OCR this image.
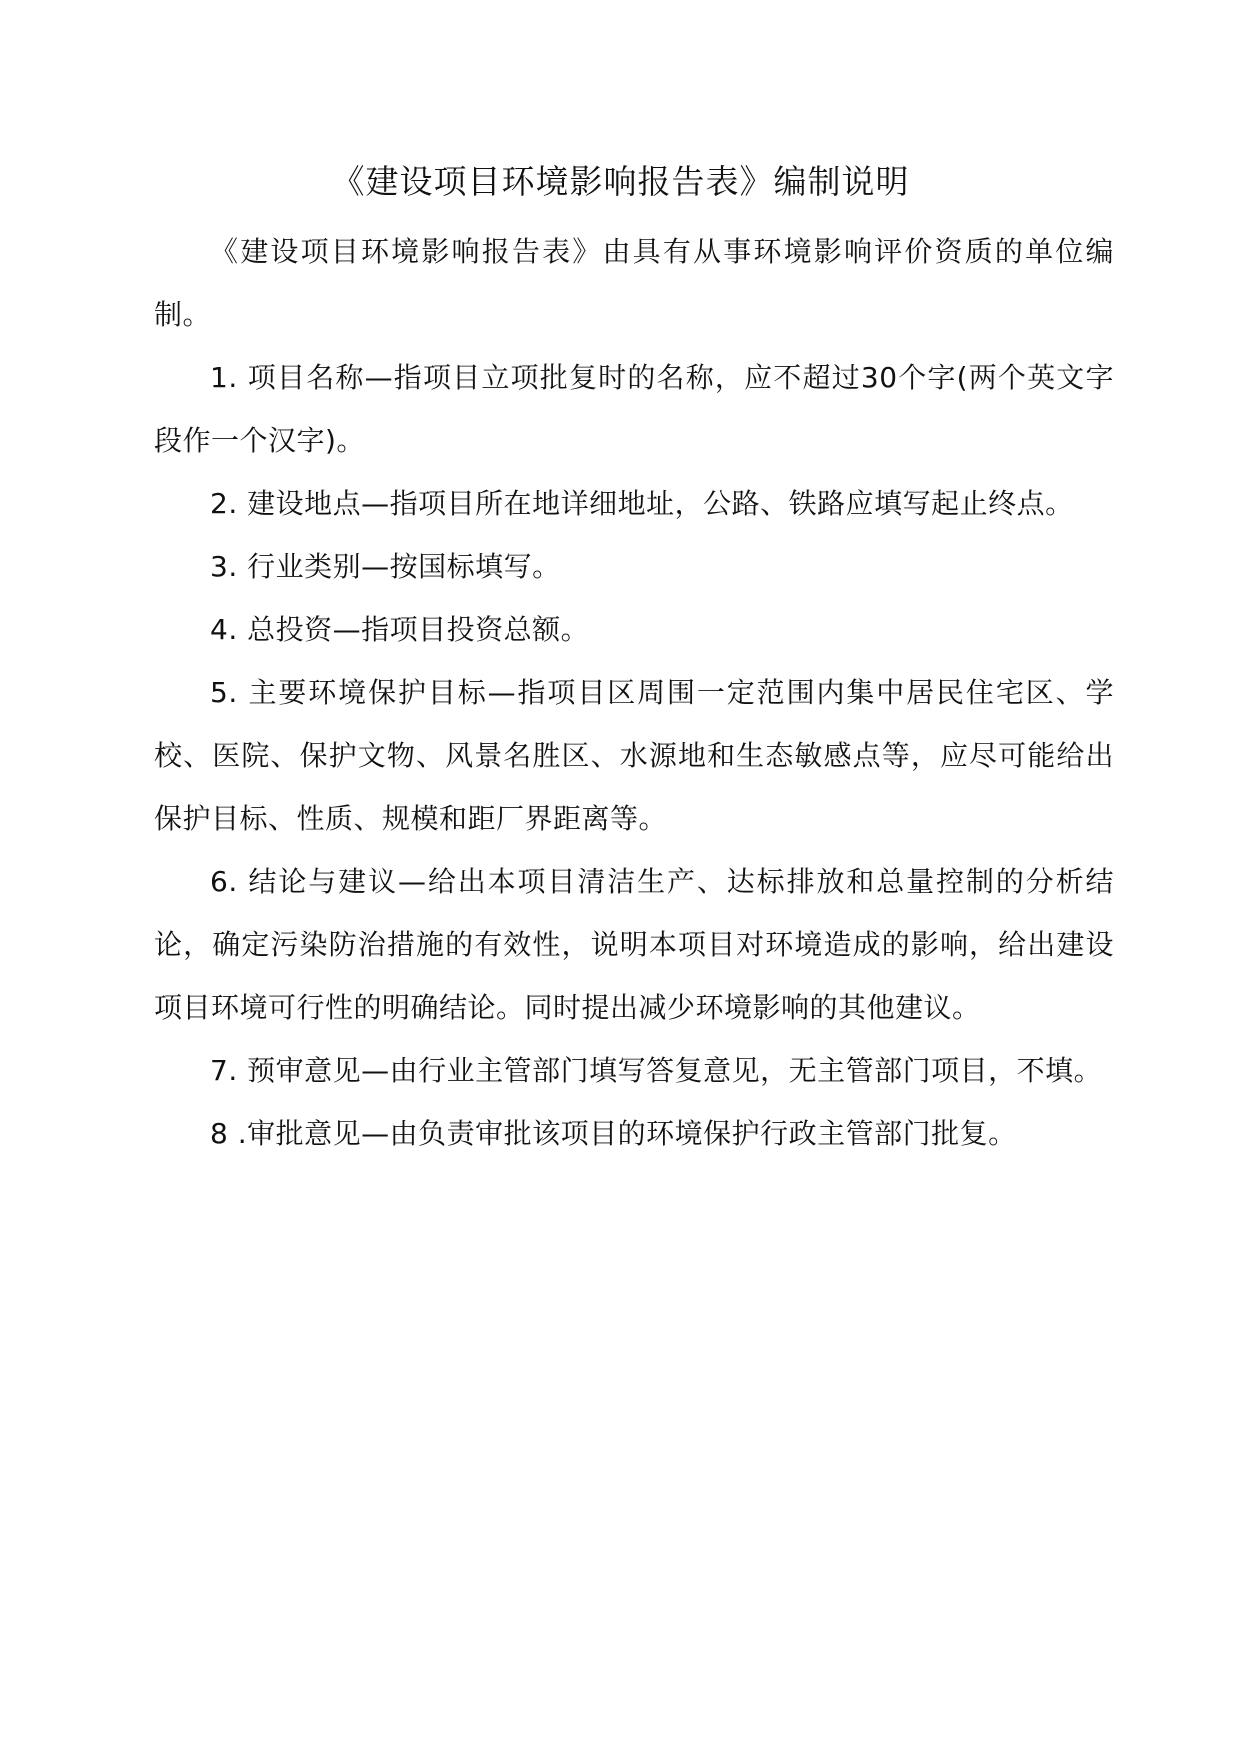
《建设项目环境影响报告表》编制说明

《建设项目环境影响报告表》由具有从事环境影响评价资质的单位编制。

1. 项目名称—指项目立项批复时的名称，应不超过30个字(两个英文字段作一个汉字)。

2. 建设地点—指项目所在地详细地址，公路、铁路应填写起止终点。

3. 行业类别—按国标填写。

4. 总投资—指项目投资总额。

5. 主要环境保护目标—指项目区周围一定范围内集中居民住宅区、学校、医院、保护文物、风景名胜区、水源地和生态敏感点等，应尽可能给出保护目标、性质、规模和距厂界距离等。

6. 结论与建议—给出本项目清洁生产、达标排放和总量控制的分析结论，确定污染防治措施的有效性，说明本项目对环境造成的影响，给出建设项目环境可行性的明确结论。同时提出减少环境影响的其他建议。

7. 预审意见—由行业主管部门填写答复意见，无主管部门项目，不填。

8 .审批意见—由负责审批该项目的环境保护行政主管部门批复。
